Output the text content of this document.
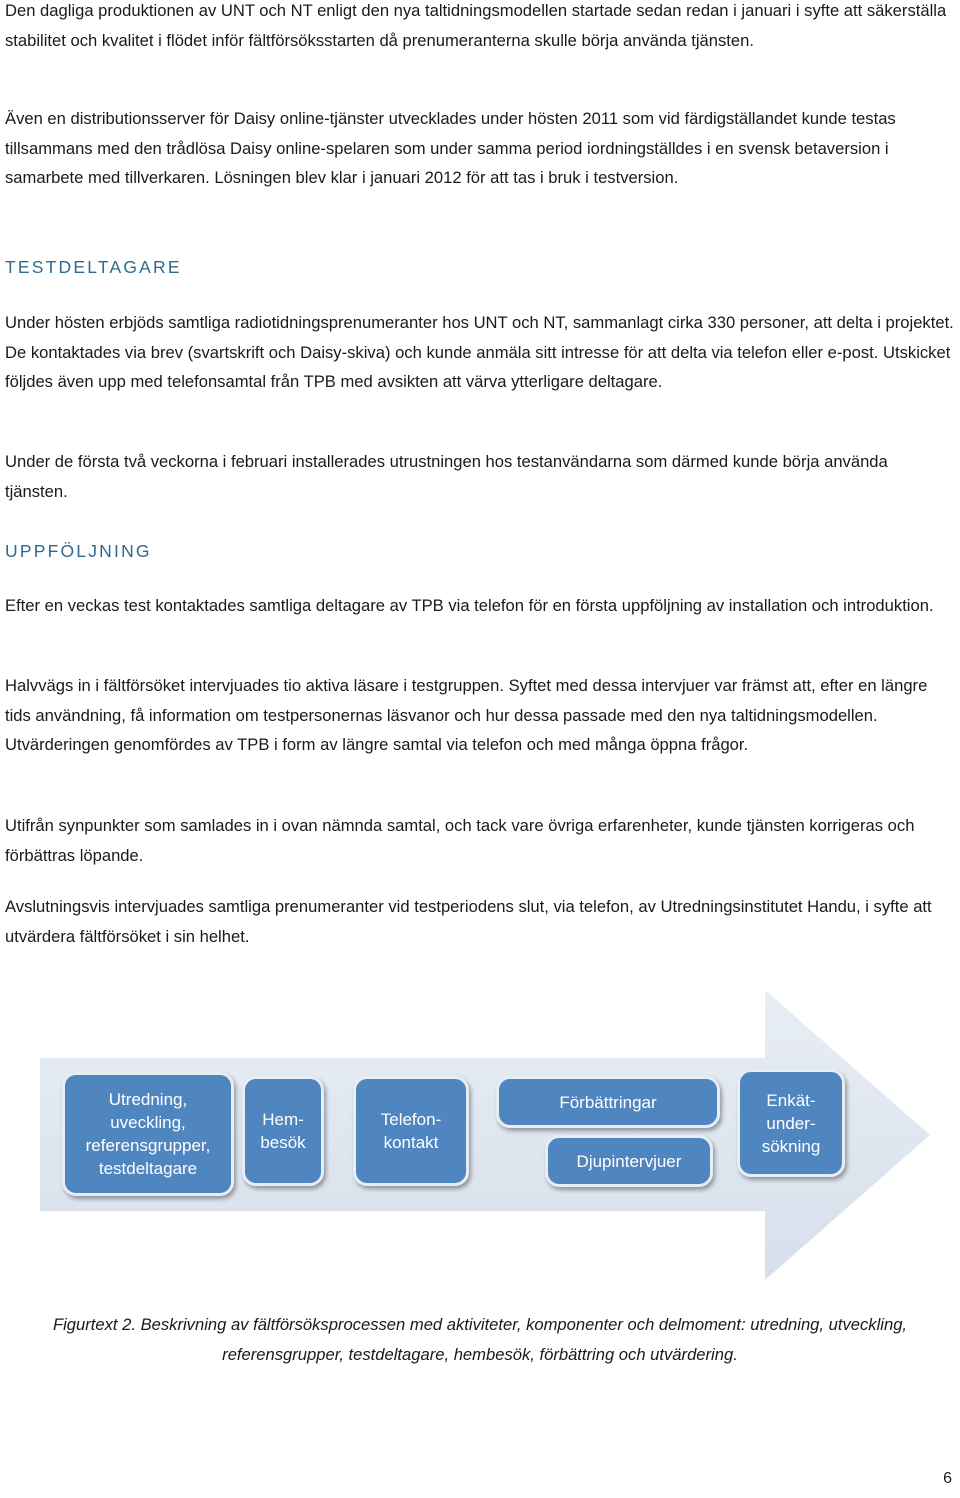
Den dagliga produktionen av UNT och NT enligt den nya taltidningsmodellen startade sedan redan i januari i syfte att säkerställa stabilitet och kvalitet i flödet inför fältförsöksstarten då prenumeranterna skulle börja använda tjänsten.

Även en distributionsserver för Daisy online-tjänster utvecklades under hösten 2011 som vid färdigställandet kunde testas tillsammans med den trådlösa Daisy online-spelaren som under samma period iordningställdes i en svensk betaversion i samarbete med tillverkaren. Lösningen blev klar i januari 2012 för att tas i bruk i testversion.

TESTDELTAGARE

Under hösten erbjöds samtliga radiotidningsprenumeranter hos UNT och NT, sammanlagt cirka 330 personer, att delta i projektet. De kontaktades via brev (svartskrift och Daisy-skiva) och kunde anmäla sitt intresse för att delta via telefon eller e-post. Utskicket följdes även upp med telefonsamtal från TPB med avsikten att värva ytterligare deltagare.

Under de första två veckorna i februari installerades utrustningen hos testanvändarna som därmed kunde börja använda tjänsten.

UPPFÖLJNING

Efter en veckas test kontaktades samtliga deltagare av TPB via telefon för en första uppföljning av installation och introduktion.

Halvvägs in i fältförsöket intervjuades tio aktiva läsare i testgruppen. Syftet med dessa intervjuer var främst att, efter en längre tids användning, få information om testpersonernas läsvanor och hur dessa passade med den nya taltidningsmodellen. Utvärderingen genomfördes av TPB i form av längre samtal via telefon och med många öppna frågor.

Utifrån synpunkter som samlades in i ovan nämnda samtal, och tack vare övriga erfarenheter, kunde tjänsten korrigeras och förbättras löpande.

Avslutningsvis intervjuades samtliga prenumeranter vid testperiodens slut, via telefon, av Utredningsinstitutet Handu, i syfte att utvärdera fältförsöket i sin helhet.

Utredning, uveckling, referensgrupper, testdeltagare
Hem-besök
Telefon-kontakt
Förbättringar
Djupintervjuer
Enkät-under-sökning

Figurtext 2. Beskrivning av fältförsöksprocessen med aktiviteter, komponenter och delmoment: utredning, utveckling, referensgrupper, testdeltagare, hembesök, förbättring och utvärdering.

6
